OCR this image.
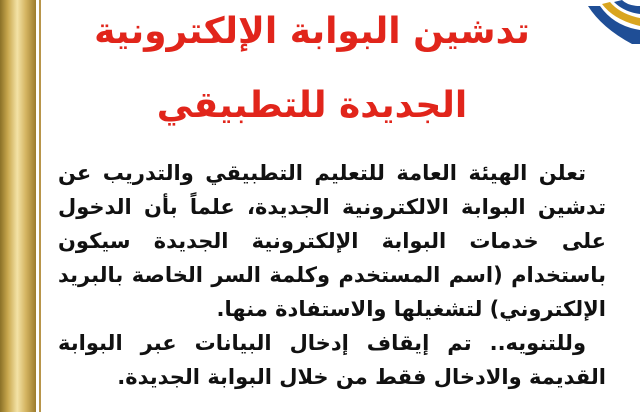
تدشين البوابة الإلكترونية
الجديدة للتطبيقي

تعلن الهيئة العامة للتعليم التطبيقي والتدريب عن تدشين البوابة الالكترونية الجديدة، علماً بأن الدخول على خدمات البوابة الإلكترونية الجديدة سيكون باستخدام (اسم المستخدم وكلمة السر الخاصة بالبريد الإلكتروني) لتشغيلها والاستفادة منها.

وللتنويه.. تم إيقاف إدخال البيانات عبر البوابة القديمة والادخال فقط من خلال البوابة الجديدة.
